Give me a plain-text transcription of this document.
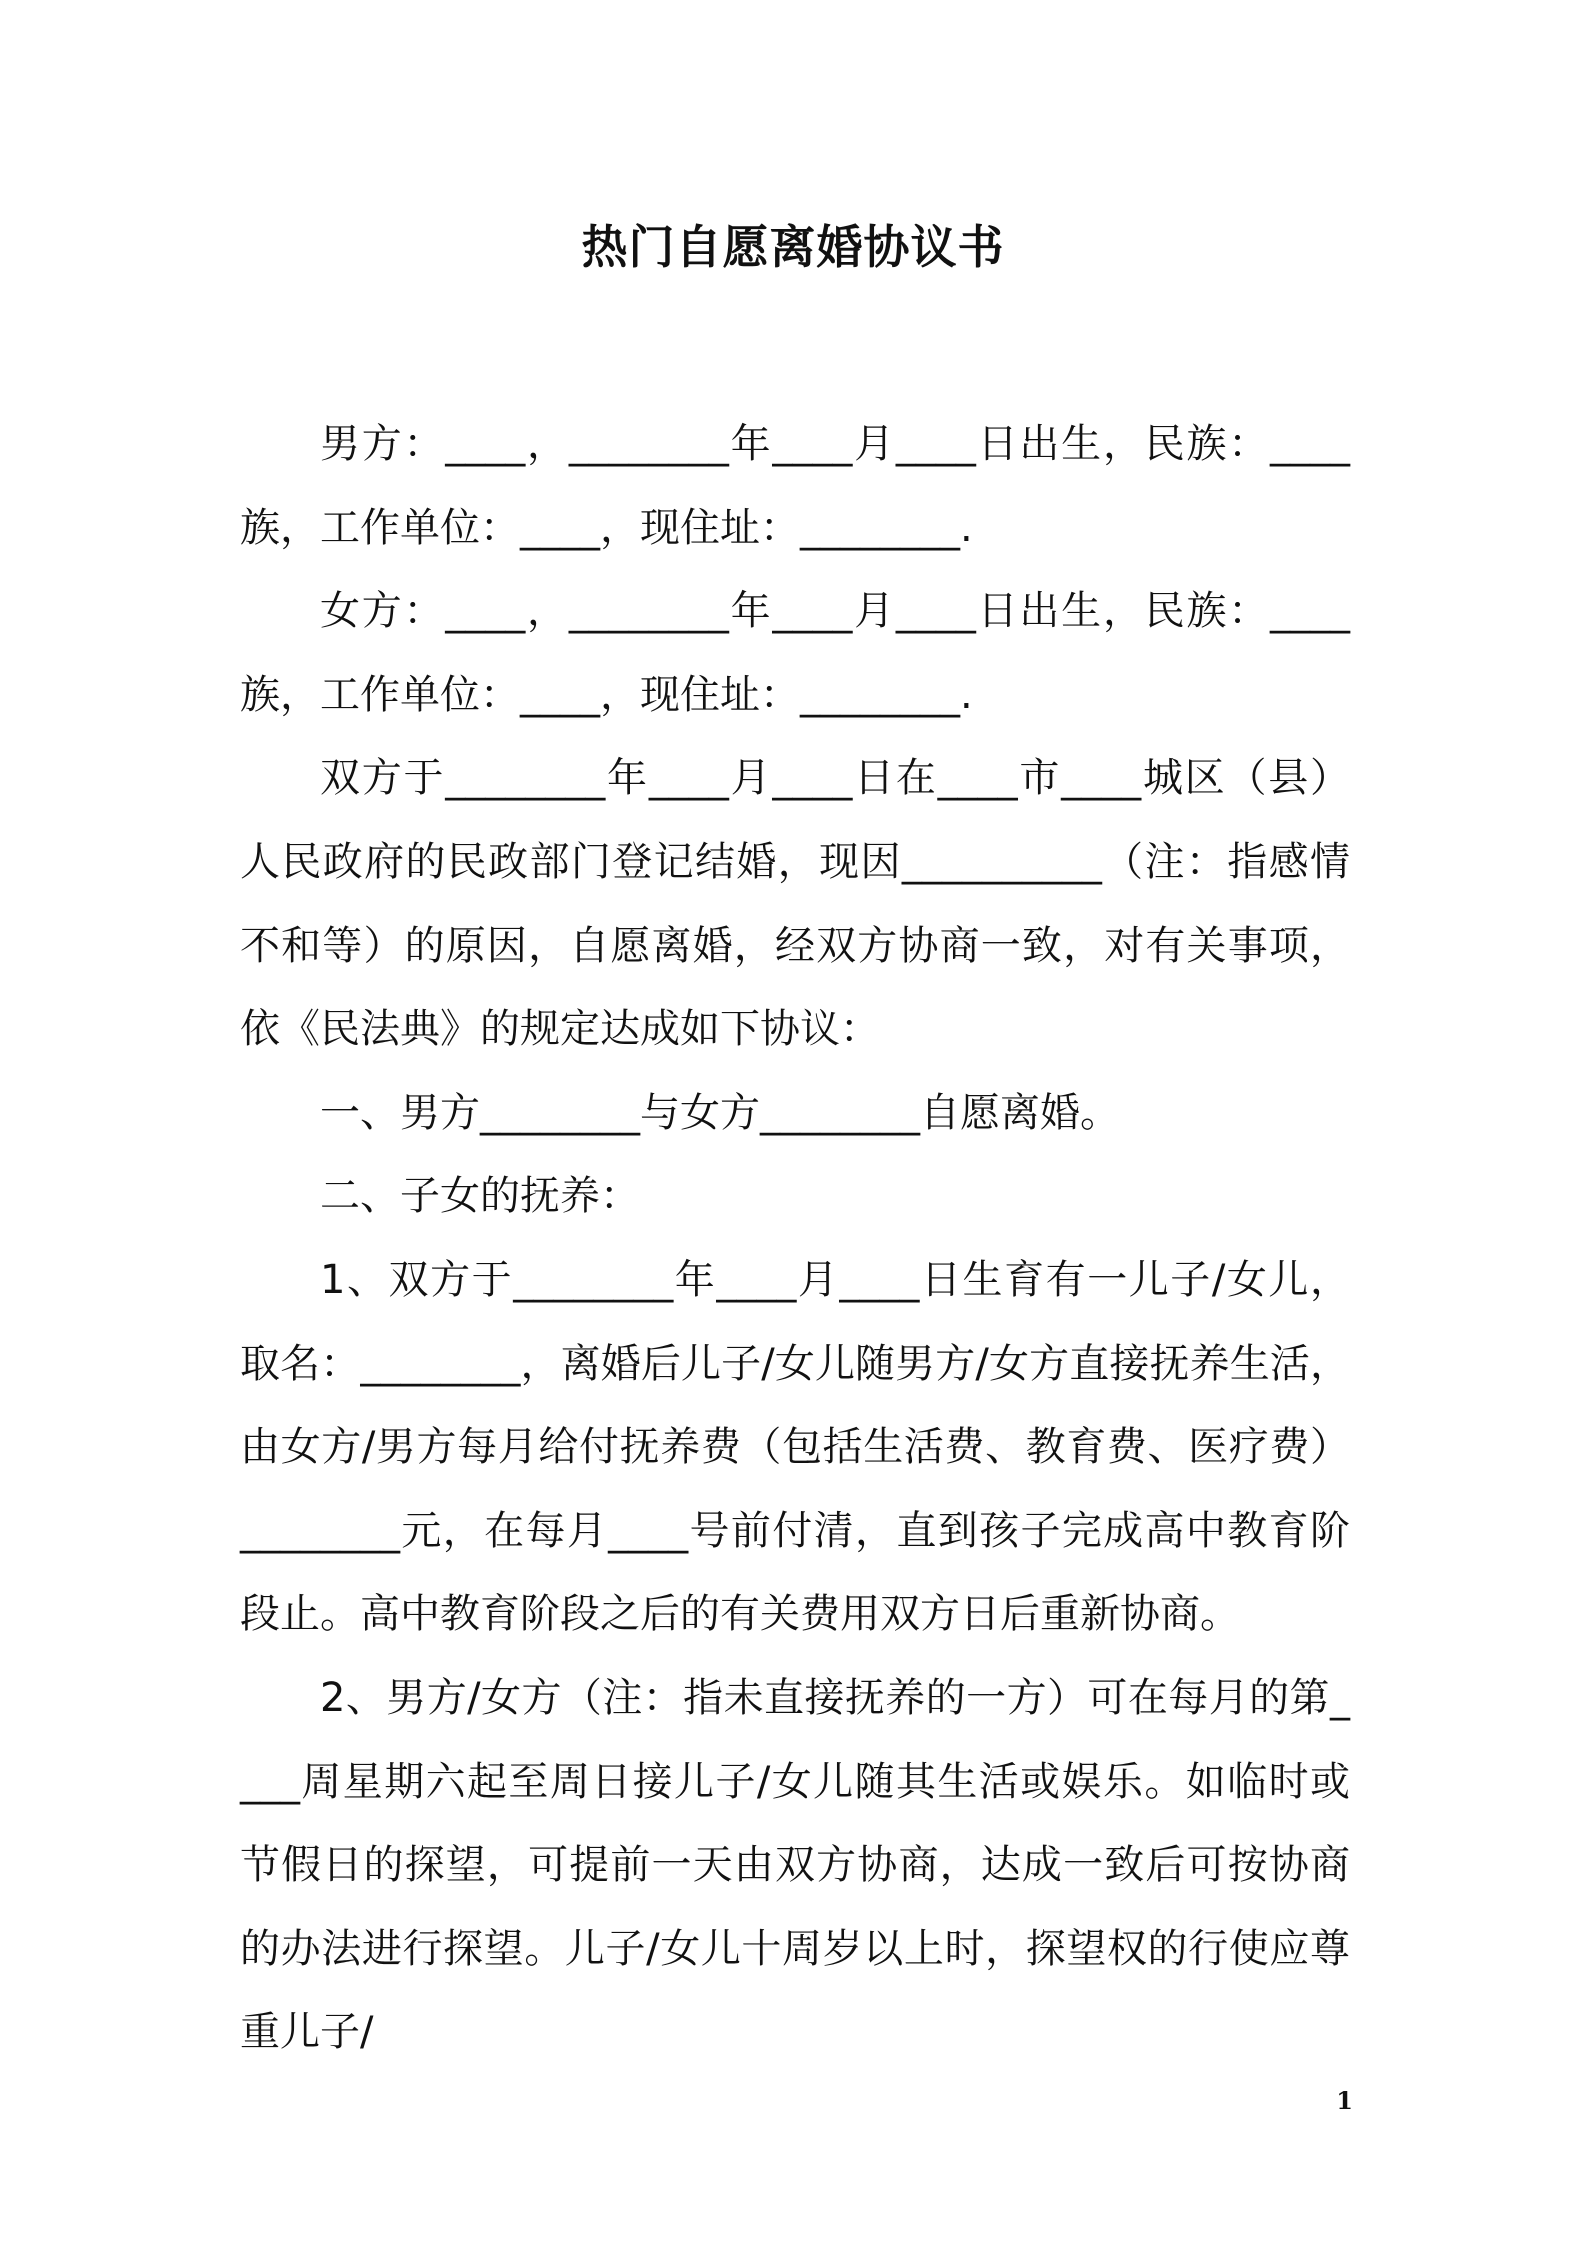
热门自愿离婚协议书

男方：____，________年____月____日出生，民族：____族，工作单位：____，现住址：________.

女方：____，________年____月____日出生，民族：____族，工作单位：____，现住址：________.

双方于________年____月____日在____市____城区（县）人民政府的民政部门登记结婚，现因__________（注：指感情不和等）的原因，自愿离婚，经双方协商一致，对有关事项，依《民法典》的规定达成如下协议：

一、男方________与女方________自愿离婚。

二、子女的抚养：

1、双方于________年____月____日生育有一儿子/女儿，取名：________，离婚后儿子/女儿随男方/女方直接抚养生活，由女方/男方每月给付抚养费（包括生活费、教育费、医疗费）________元，在每月____号前付清，直到孩子完成高中教育阶段止。高中教育阶段之后的有关费用双方日后重新协商。

2、男方/女方（注：指未直接抚养的一方）可在每月的第____周星期六起至周日接儿子/女儿随其生活或娱乐。如临时或节假日的探望，可提前一天由双方协商，达成一致后可按协商的办法进行探望。儿子/女儿十周岁以上时，探望权的行使应尊重儿子/

1
